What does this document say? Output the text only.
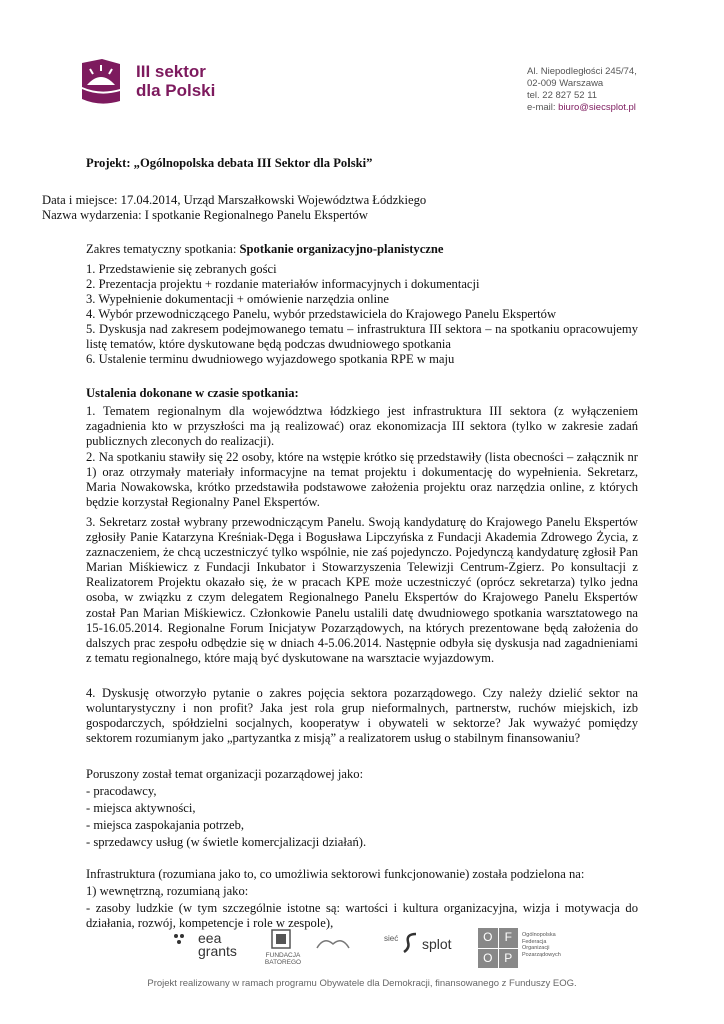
III sektor
dla Polski
Al. Niepodległości 245/74,
02-009 Warszawa
tel. 22 827 52 11
e-mail: biuro@siecsplot.pl

Projekt: „Ogólnopolska debata III Sektor dla Polski”

Data i miejsce: 17.04.2014, Urząd Marszałkowski Województwa Łódzkiego

Nazwa wydarzenia: I spotkanie Regionalnego Panelu Ekspertów

Zakres tematyczny spotkania: Spotkanie organizacyjno-planistyczne

1. Przedstawienie się zebranych gości

2. Prezentacja projektu + rozdanie materiałów informacyjnych i dokumentacji

3. Wypełnienie dokumentacji + omówienie narzędzia online

4. Wybór przewodniczącego Panelu, wybór przedstawiciela do Krajowego Panelu Ekspertów

5. Dyskusja nad zakresem podejmowanego tematu – infrastruktura III sektora – na spotkaniu opracowujemy listę tematów, które dyskutowane będą podczas dwudniowego spotkania

6. Ustalenie terminu dwudniowego wyjazdowego spotkania RPE w maju

Ustalenia dokonane w czasie spotkania:

1. Tematem regionalnym dla województwa łódzkiego jest infrastruktura III sektora (z wyłączeniem zagadnienia kto w przyszłości ma ją realizować) oraz ekonomizacja III sektora (tylko w zakresie zadań publicznych zleconych do realizacji).

2. Na spotkaniu stawiły się 22 osoby, które na wstępie krótko się przedstawiły (lista obecności – załącznik nr 1) oraz otrzymały materiały informacyjne na temat projektu i dokumentację do wypełnienia. Sekretarz, Maria Nowakowska, krótko przedstawiła podstawowe założenia projektu oraz narzędzia online, z których będzie korzystał Regionalny Panel Ekspertów.

3. Sekretarz został wybrany przewodniczącym Panelu. Swoją kandydaturę do Krajowego Panelu Ekspertów zgłosiły Panie Katarzyna Kreśniak-Dęga i Bogusława Lipczyńska z Fundacji Akademia Zdrowego Życia, z zaznaczeniem, że chcą uczestniczyć tylko wspólnie, nie zaś pojedynczo. Pojedynczą kandydaturę zgłosił Pan Marian Miśkiewicz z Fundacji Inkubator i Stowarzyszenia Telewizji Centrum-Zgierz. Po konsultacji z Realizatorem Projektu okazało się, że w pracach KPE może uczestniczyć (oprócz sekretarza) tylko jedna osoba, w związku z czym delegatem Regionalnego Panelu Ekspertów do Krajowego Panelu Ekspertów został Pan Marian Miśkiewicz. Członkowie Panelu ustalili datę dwudniowego spotkania warsztatowego na 15-16.05.2014. Regionalne Forum Inicjatyw Pozarządowych, na których prezentowane będą założenia do dalszych prac zespołu odbędzie się w dniach 4-5.06.2014. Następnie odbyła się dyskusja nad zagadnieniami z tematu regionalnego, które mają być dyskutowane na warsztacie wyjazdowym.

4. Dyskusję otworzyło pytanie o zakres pojęcia sektora pozarządowego. Czy należy dzielić sektor na woluntarystyczny i non profit? Jaka jest rola grup nieformalnych, partnerstw, ruchów miejskich, izb gospodarczych, spółdzielni socjalnych, kooperatyw i obywateli w sektorze? Jak wyważyć pomiędzy sektorem rozumianym jako „partyzantka z misją” a realizatorem usług o stabilnym finansowaniu?

Poruszony został temat organizacji pozarządowej jako:

- pracodawcy,

- miejsca aktywności,

- miejsca zaspokajania potrzeb,

- sprzedawcy usług (w świetle komercjalizacji działań).

Infrastruktura (rozumiana jako to, co umożliwia sektorowi funkcjonowanie) została podzielona na:

1) wewnętrzną, rozumianą jako:

- zasoby ludzkie (w tym szczególnie istotne są: wartości i kultura organizacyjna, wizja i motywacja do działania, rozwój, kompetencje i role w zespole),

eea
grants	FUNDACJA
BATOREGO
sieć splot	O	F
O P
Ogólnopolska
Federacja
Organizacji
Pozarządowych
Projekt realizowany w ramach programu Obywatele dla Demokracji, finansowanego z Funduszy EOG.
